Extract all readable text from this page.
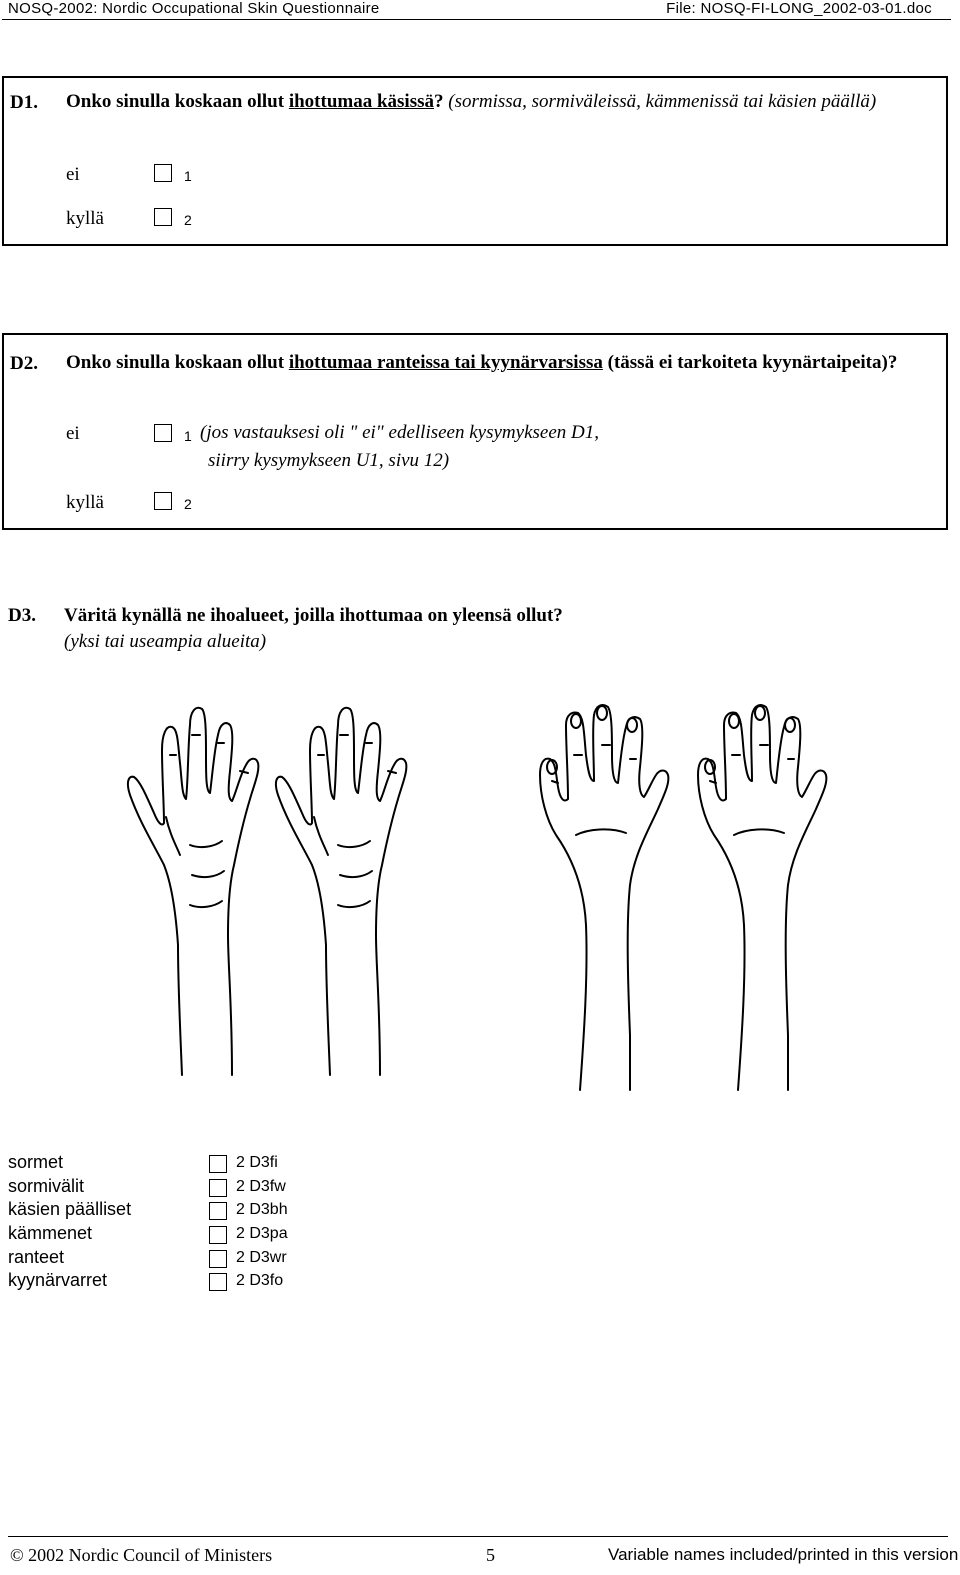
NOSQ-2002: Nordic Occupational Skin Questionnaire	File: NOSQ-FI-LONG_2002-03-01.doc
D1. Onko sinulla koskaan ollut ihottumaa käsissä? (sormissa, sormiväleissä, kämmenissä tai käsien päällä)
ei	1
kyllä	2
D2. Onko sinulla koskaan ollut ihottumaa ranteissa tai kyynärvarsissa (tässä ei tarkoiteta kyynärtaipeita)?
ei	1 (jos vastauksesi oli " ei" edelliseen kysymykseen D1,
siirry kysymykseen U1, sivu 12)
kyllä	2
D3. Väritä kynällä ne ihoalueet, joilla ihottumaa on yleensä ollut?
(yksi tai useampia alueita)
sormet	2 D3fi
sormivälit	2 D3fw
käsien päälliset	2 D3bh
kämmenet	2 D3pa
ranteet	2 D3wr
kyynärvarret	2 D3fo
© 2002 Nordic Council of Ministers	5	Variable names included/printed in this version
